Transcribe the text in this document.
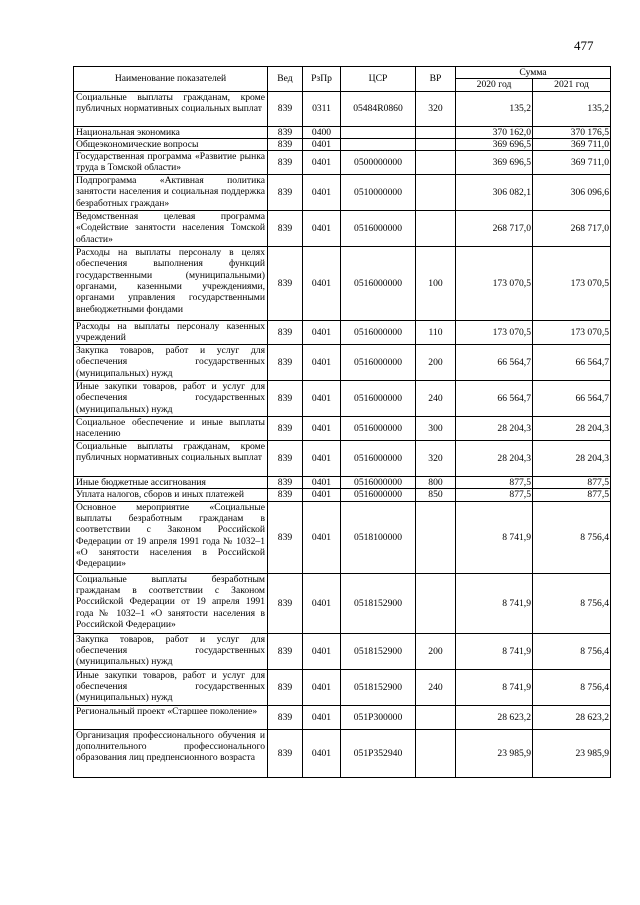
477
Наименование показателей	Вед	РзПр	ЦСР	ВР	Сумма	
					2020 год	2021 год
Социальные выплаты гражданам, кроме публичных нормативных социальных выплат	839	0311	05484R0860	320	135,2	135,2
Национальная экономика	839	0400			370 162,0	370 176,5
Общеэкономические вопросы	839	0401			369 696,5	369 711,0
Государственная программа «Развитие рынка труда в Томской области»	839	0401	0500000000		369 696,5	369 711,0
Подпрограмма «Активная политика занятости населения и социальная поддержка безработных граждан»	839	0401	0510000000		306 082,1	306 096,6
Ведомственная целевая программа «Содействие занятости населения Томской области»	839	0401	0516000000		268 717,0	268 717,0
Расходы на выплаты персоналу в целях обеспечения выполнения функций государственными (муниципальными) органами, казенными учреждениями, органами управления государственными внебюджетными фондами	839	0401	0516000000	100	173 070,5	173 070,5
Расходы на выплаты персоналу казенных учреждений	839	0401	0516000000	110	173 070,5	173 070,5
Закупка товаров, работ и услуг для обеспечения государственных (муниципальных) нужд	839	0401	0516000000	200	66 564,7	66 564,7
Иные закупки товаров, работ и услуг для обеспечения государственных (муниципальных) нужд	839	0401	0516000000	240	66 564,7	66 564,7
Социальное обеспечение и иные выплаты населению	839	0401	0516000000	300	28 204,3	28 204,3
Социальные выплаты гражданам, кроме публичных нормативных социальных выплат	839	0401	0516000000	320	28 204,3	28 204,3
Иные бюджетные ассигнования	839	0401	0516000000	800	877,5	877,5
Уплата налогов, сборов и иных платежей	839	0401	0516000000	850	877,5	877,5
Основное мероприятие «Социальные выплаты безработным гражданам в соответствии с Законом Российской Федерации от 19 апреля 1991 года № 1032–1 «О занятости населения в Российской Федерации»	839	0401	0518100000		8 741,9	8 756,4
Социальные выплаты безработным гражданам в соответствии с Законом Российской Федерации от 19 апреля 1991 года № 1032–1 «О занятости населения в Российской Федерации»	839	0401	0518152900		8 741,9	8 756,4
Закупка товаров, работ и услуг для обеспечения государственных (муниципальных) нужд	839	0401	0518152900	200	8 741,9	8 756,4
Иные закупки товаров, работ и услуг для обеспечения государственных (муниципальных) нужд	839	0401	0518152900	240	8 741,9	8 756,4
Региональный проект «Старшее поколение»	839	0401	051P300000		28 623,2	28 623,2
Организация профессионального обучения и дополнительного профессионального образования лиц предпенсионного возраста	839	0401	051P352940		23 985,9	23 985,9
